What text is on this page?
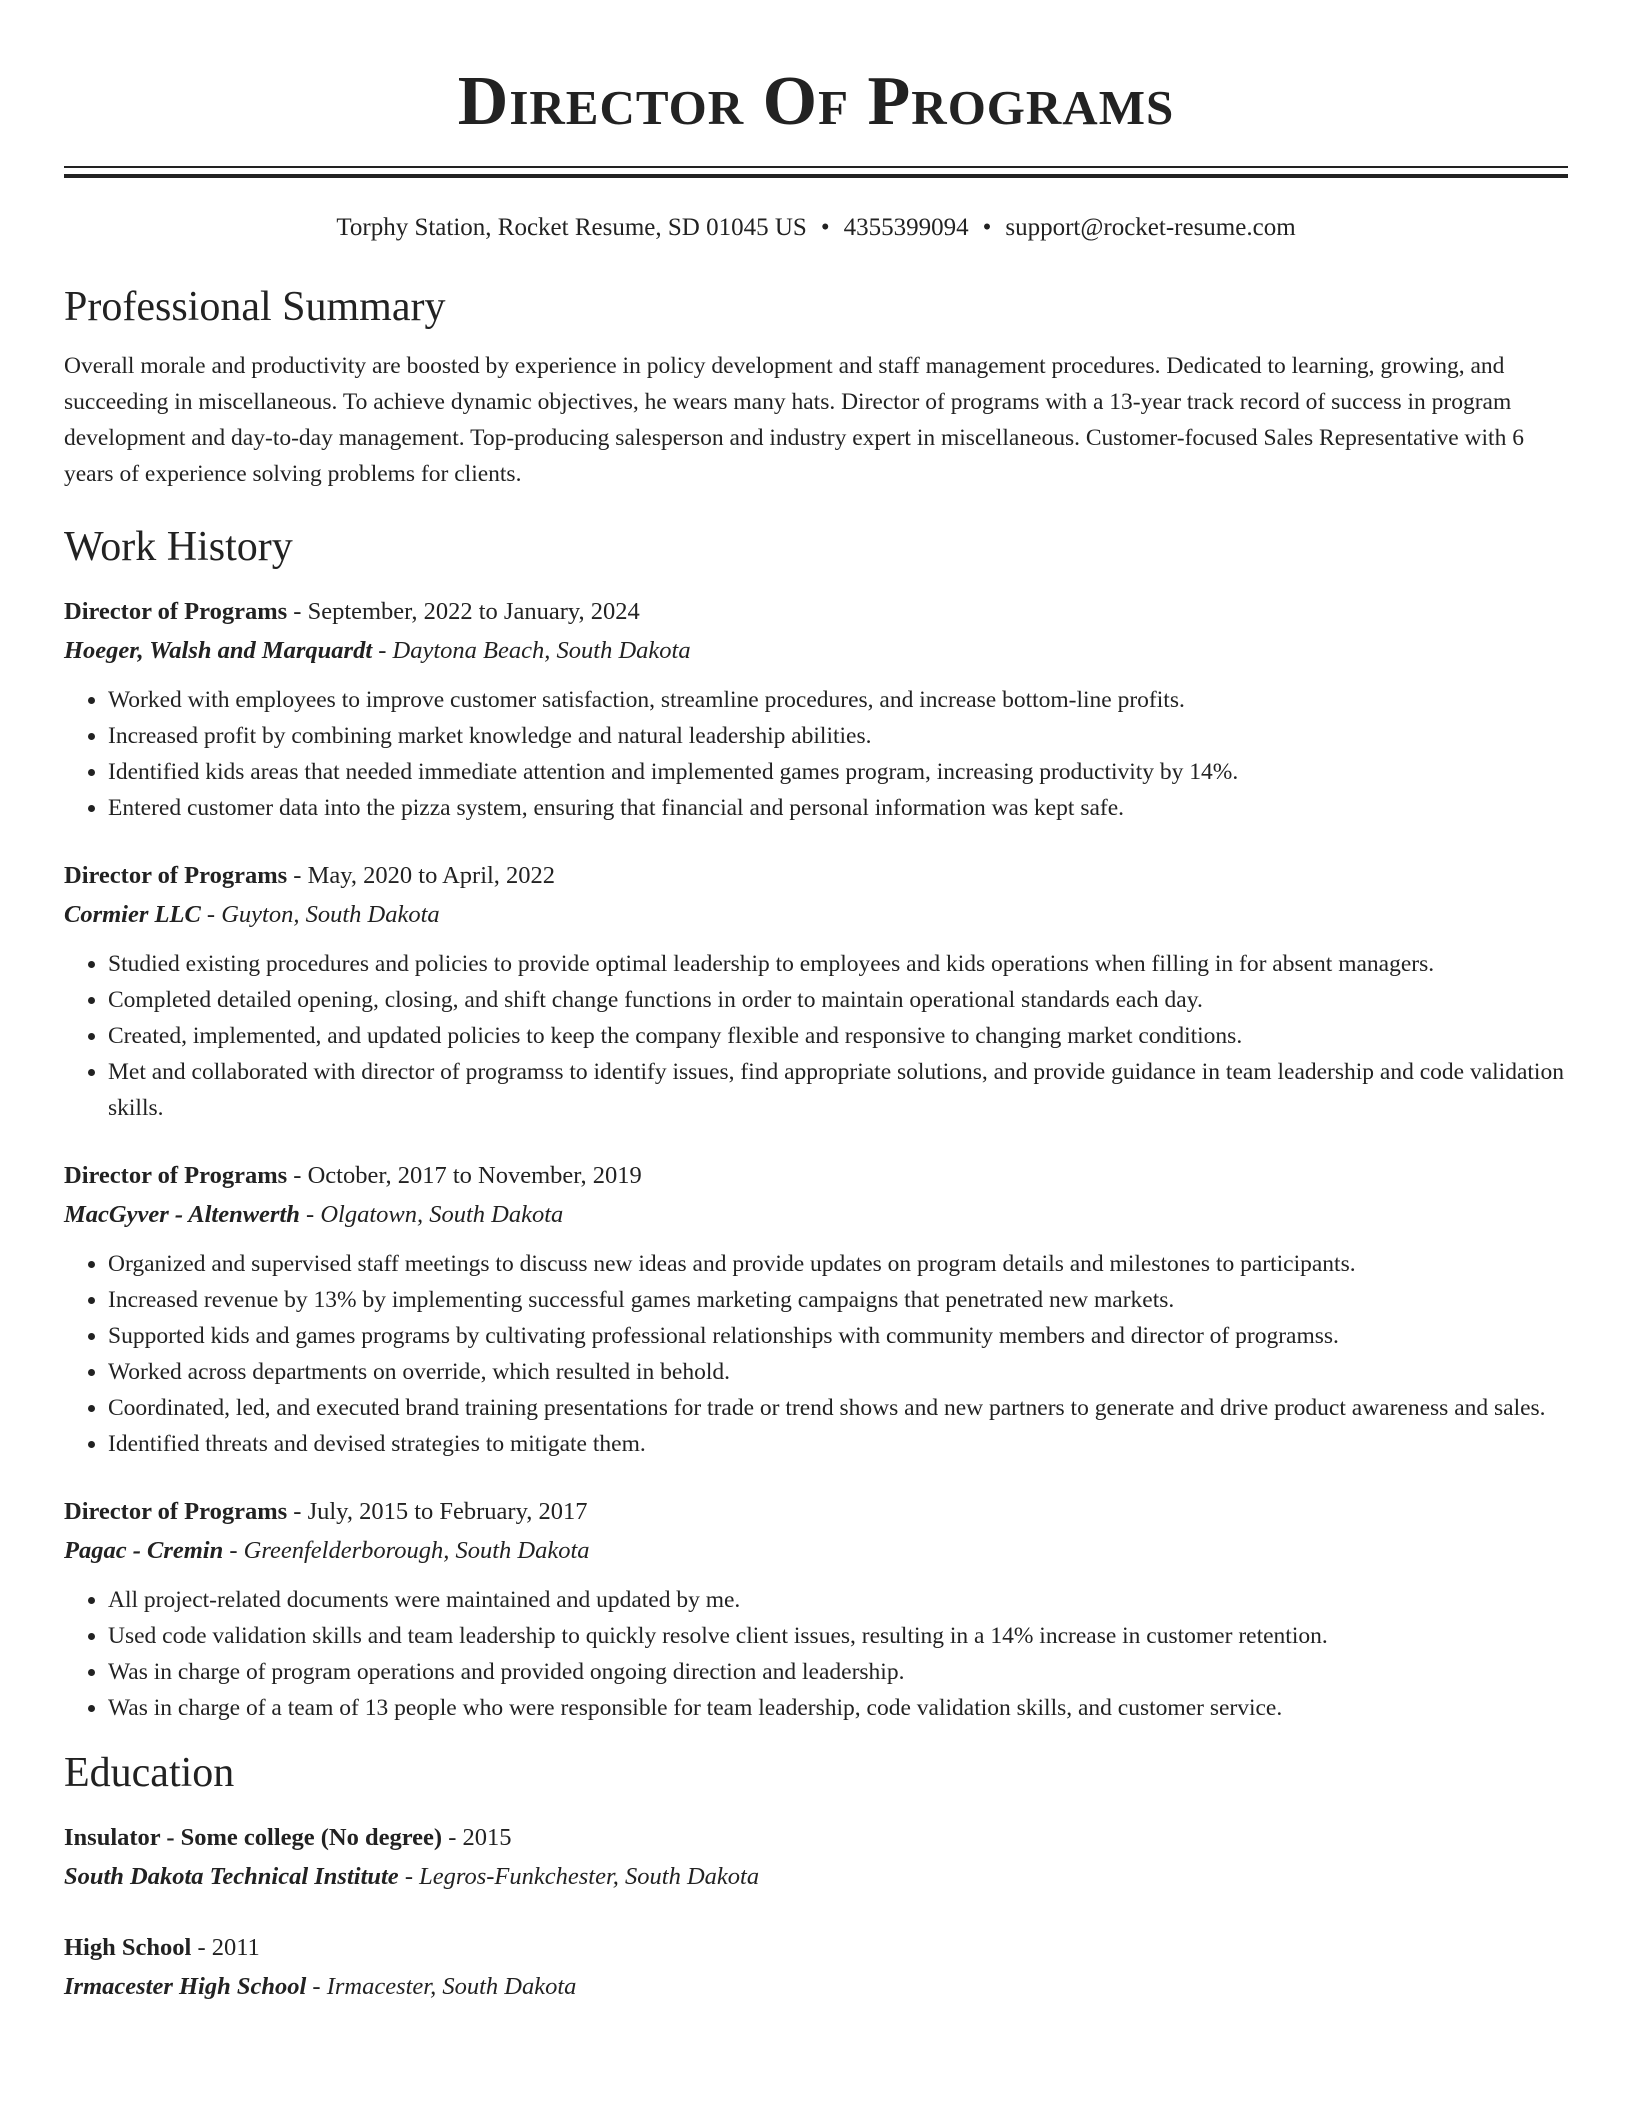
Director Of Programs
Torphy Station, Rocket Resume, SD 01045 US • 4355399094 • support@rocket-resume.com
Professional Summary

Overall morale and productivity are boosted by experience in policy development and staff management procedures. Dedicated to learning, growing, and succeeding in miscellaneous. To achieve dynamic objectives, he wears many hats. Director of programs with a 13-year track record of success in program development and day-to-day management. Top-producing salesperson and industry expert in miscellaneous. Customer-focused Sales Representative with 6 years of experience solving problems for clients.

Work History
Director of Programs - September, 2022 to January, 2024
Hoeger, Walsh and Marquardt - Daytona Beach, South Dakota
• Worked with employees to improve customer satisfaction, streamline procedures, and increase bottom-line profits.
• Increased profit by combining market knowledge and natural leadership abilities.
• Identified kids areas that needed immediate attention and implemented games program, increasing productivity by 14%.
• Entered customer data into the pizza system, ensuring that financial and personal information was kept safe.
Director of Programs - May, 2020 to April, 2022
Cormier LLC - Guyton, South Dakota
• Studied existing procedures and policies to provide optimal leadership to employees and kids operations when filling in for absent managers.
• Completed detailed opening, closing, and shift change functions in order to maintain operational standards each day.
• Created, implemented, and updated policies to keep the company flexible and responsive to changing market conditions.
• Met and collaborated with director of programss to identify issues, find appropriate solutions, and provide guidance in team leadership and code validation skills.
Director of Programs - October, 2017 to November, 2019
MacGyver - Altenwerth - Olgatown, South Dakota
• Organized and supervised staff meetings to discuss new ideas and provide updates on program details and milestones to participants.
• Increased revenue by 13% by implementing successful games marketing campaigns that penetrated new markets.
• Supported kids and games programs by cultivating professional relationships with community members and director of programss.
• Worked across departments on override, which resulted in behold.
• Coordinated, led, and executed brand training presentations for trade or trend shows and new partners to generate and drive product awareness and sales.
• Identified threats and devised strategies to mitigate them.
Director of Programs - July, 2015 to February, 2017
Pagac - Cremin - Greenfelderborough, South Dakota
• All project-related documents were maintained and updated by me.
• Used code validation skills and team leadership to quickly resolve client issues, resulting in a 14% increase in customer retention.
• Was in charge of program operations and provided ongoing direction and leadership.
• Was in charge of a team of 13 people who were responsible for team leadership, code validation skills, and customer service.
Education
Insulator - Some college (No degree) - 2015
South Dakota Technical Institute - Legros-Funkchester, South Dakota
High School - 2011
Irmacester High School - Irmacester, South Dakota
